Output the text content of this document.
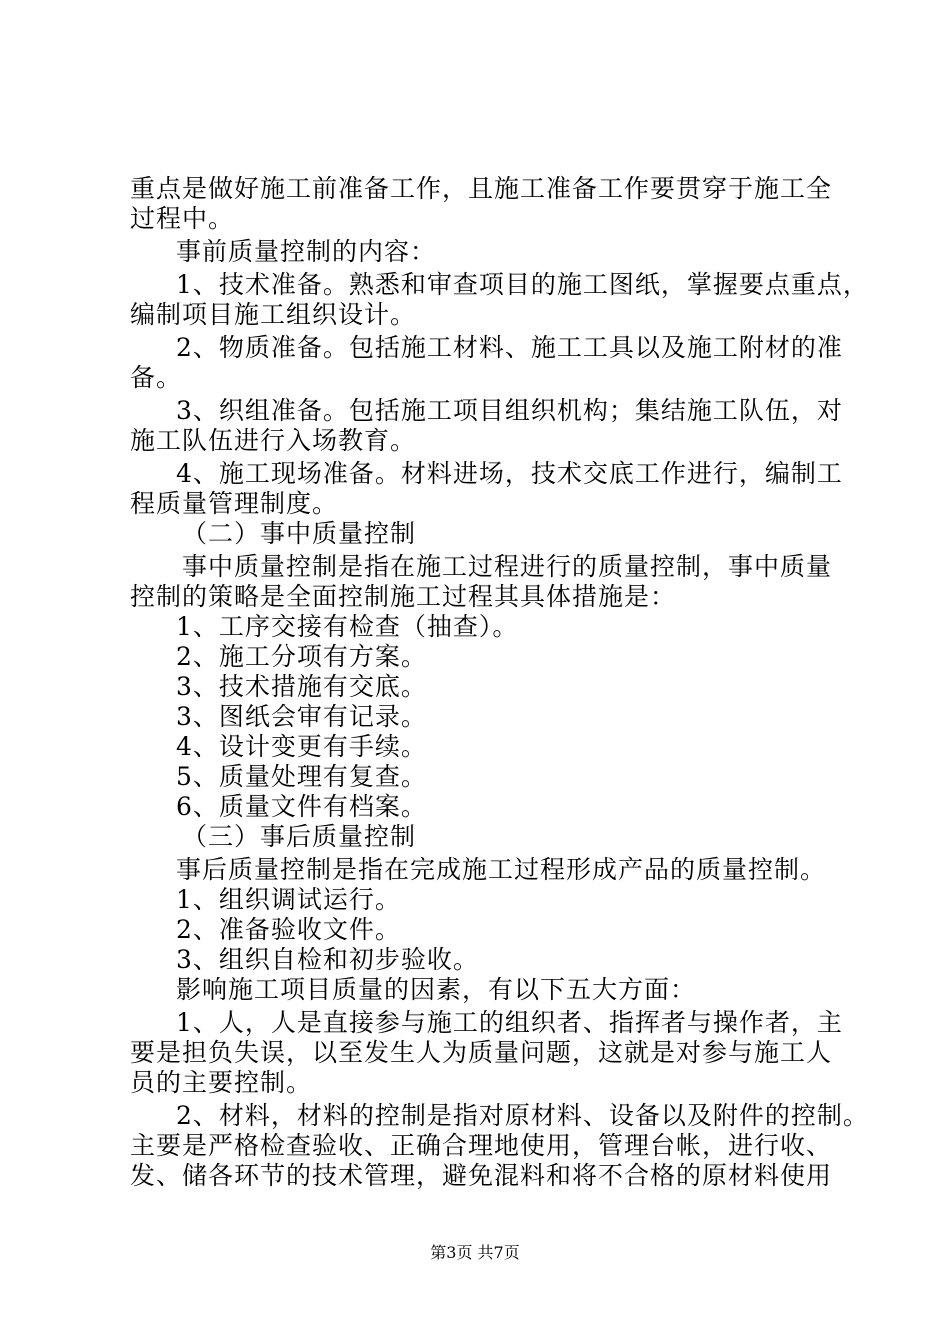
重点是做好施工前准备工作，且施工准备工作要贯穿于施工全
过程中。
事前质量控制的内容：
1、技术准备。熟悉和审查项目的施工图纸，掌握要点重点，
编制项目施工组织设计。
2、物质准备。包括施工材料、施工工具以及施工附材的准
备。
3、织组准备。包括施工项目组织机构；集结施工队伍，对
施工队伍进行入场教育。
4、施工现场准备。材料进场，技术交底工作进行，编制工
程质量管理制度。
（二）事中质量控制
事中质量控制是指在施工过程进行的质量控制，事中质量
控制的策略是全面控制施工过程其具体措施是：
1、工序交接有检查（抽查）。
2、施工分项有方案。
3、技术措施有交底。
3、图纸会审有记录。
4、设计变更有手续。
5、质量处理有复查。
6、质量文件有档案。
（三）事后质量控制
事后质量控制是指在完成施工过程形成产品的质量控制。
1、组织调试运行。
2、准备验收文件。
3、组织自检和初步验收。
影响施工项目质量的因素，有以下五大方面：
1、人，人是直接参与施工的组织者、指挥者与操作者，主
要是担负失误，以至发生人为质量问题，这就是对参与施工人
员的主要控制。
2、材料，材料的控制是指对原材料、设备以及附件的控制。
主要是严格检查验收、正确合理地使用，管理台帐，进行收、
发、储各环节的技术管理，避免混料和将不合格的原材料使用
第3页 共7页
